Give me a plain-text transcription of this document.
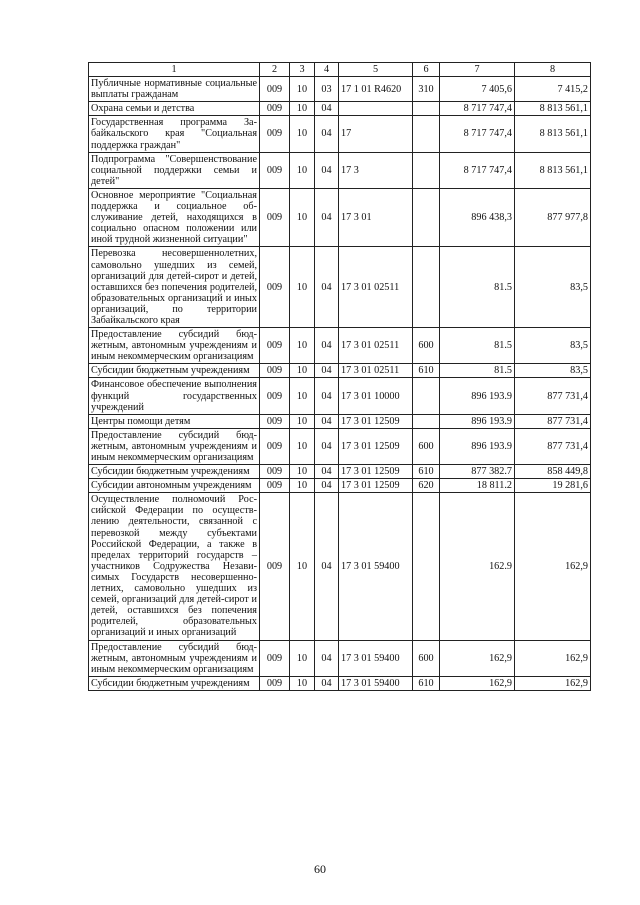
1	2	3	4	5	6	7	8
Публичные нормативные социальные выплаты гражданам	009	10	03	17 1 01 R4620	310	7 405,6	7 415,2
Охрана семьи и детства	009	10	04			8 717 747,4	8 813 561,1
Государственная программа Забайкальского края "Социальная поддержка граждан"	009	10	04	17		8 717 747,4	8 813 561,1
Подпрограмма "Совершенствование социальной поддержки семьи и детей"	009	10	04	17 3		8 717 747,4	8 813 561,1
Основное мероприятие "Социальная поддержка и социальное обслуживание детей, находящихся в социально опасном положении или иной трудной жизненной ситуации"	009	10	04	17 3 01		896 438,3	877 977,8
Перевозка несовершеннолетних, самовольно ушедших из семей, организаций для детей-сирот и детей, оставшихся без попечения родителей, образовательных организаций и иных организаций, по территории Забайкальского края	009	10	04	17 3 01 02511		81.5	83,5
Предоставление субсидий бюджетным, автономным учреждениям и иным некоммерческим организациям	009	10	04	17 3 01 02511	600	81.5	83,5
Субсидии бюджетным учреждениям	009	10	04	17 3 01 02511	610	81.5	83,5
Финансовое обеспечение выполнения функций государственных учреждений	009	10	04	17 3 01 10000		896 193.9	877 731,4
Центры помощи детям	009	10	04	17 3 01 12509		896 193.9	877 731,4
Предоставление субсидий бюджетным, автономным учреждениям и иным некоммерческим организациям	009	10	04	17 3 01 12509	600	896 193.9	877 731,4
Субсидии бюджетным учреждениям	009	10	04	17 3 01 12509	610	877 382.7	858 449,8
Субсидии автономным учреждениям	009	10	04	17 3 01 12509	620	18 811.2	19 281,6
Осуществление полномочий Российской Федерации по осуществлению деятельности, связанной с перевозкой между субъектами Российской Федерации, а также в пределах территорий государств – участников Содружества Независимых Государств несовершеннолетних, самовольно ушедших из семей, организаций для детей-сирот и детей, оставшихся без попечения родителей, образовательных организаций и иных организаций	009	10	04	17 3 01 59400		162.9	162,9
Предоставление субсидий бюджетным, автономным учреждениям и иным некоммерческим организациям	009	10	04	17 3 01 59400	600	162,9	162,9
Субсидии бюджетным учреждениям	009	10	04	17 3 01 59400	610	162,9	162,9
60
